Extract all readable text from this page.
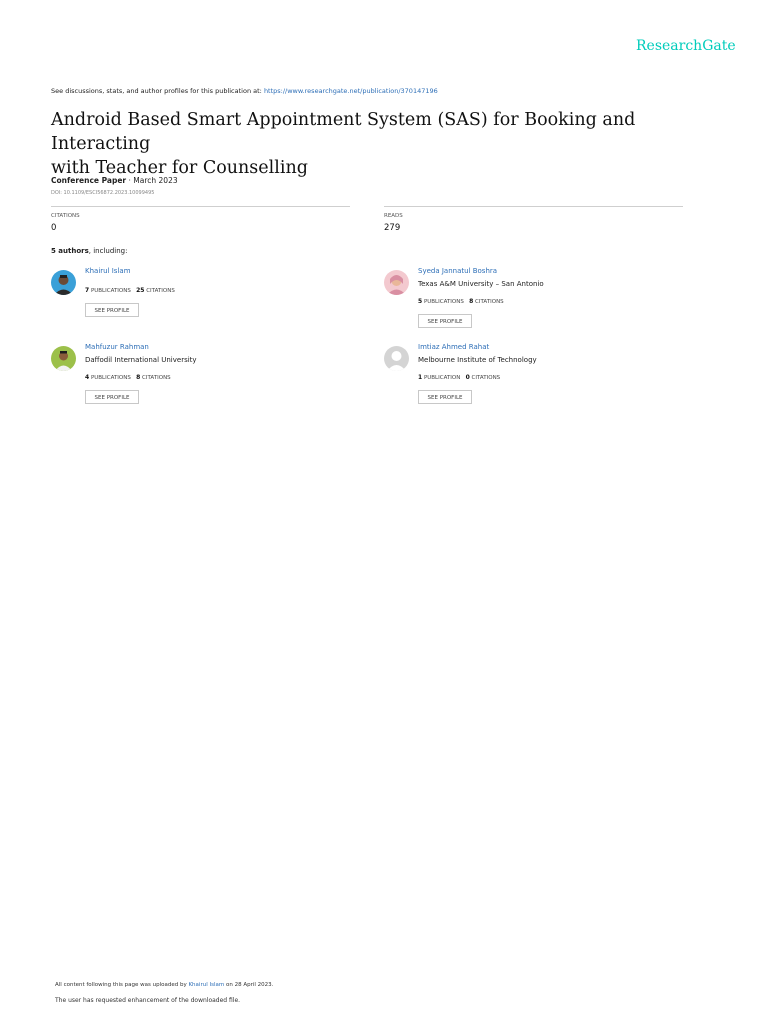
ResearchGate
See discussions, stats, and author profiles for this publication at: https://www.researchgate.net/publication/370147196
Android Based Smart Appointment System (SAS) for Booking and Interacting
with Teacher for Counselling
Conference Paper · March 2023
DOI: 10.1109/ESCI56872.2023.10099495
CITATIONS
0
READS
279
5 authors, including:
Khairul Islam
7 PUBLICATIONS 25 CITATIONS
SEE PROFILE
Syeda Jannatul Boshra
Texas A&M University – San Antonio
5 PUBLICATIONS 8 CITATIONS
SEE PROFILE
Mahfuzur Rahman
Daffodil International University
4 PUBLICATIONS 8 CITATIONS
SEE PROFILE
Imtiaz Ahmed Rahat
Melbourne Institute of Technology
1 PUBLICATION 0 CITATIONS
SEE PROFILE
All content following this page was uploaded by Khairul Islam on 28 April 2023.
The user has requested enhancement of the downloaded file.
